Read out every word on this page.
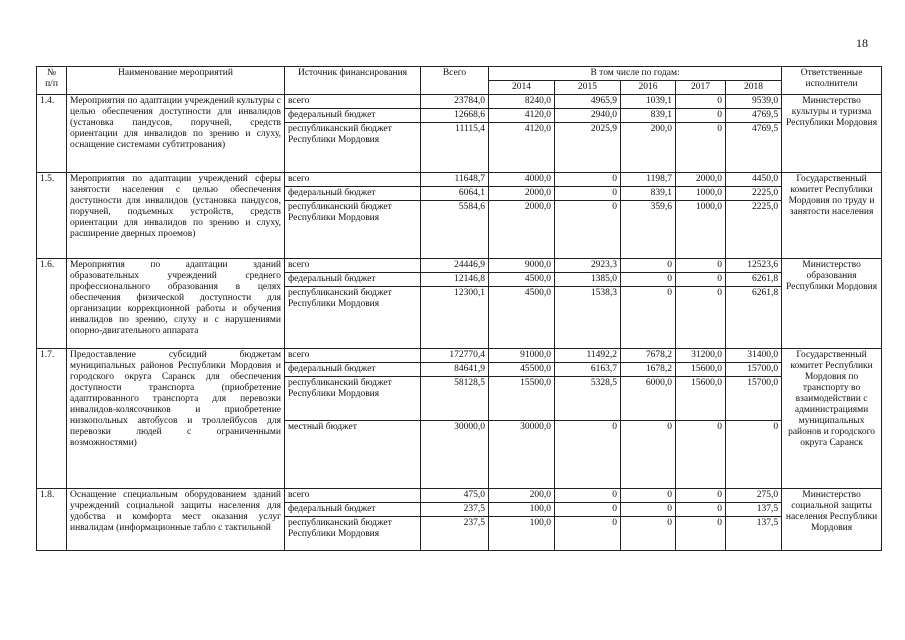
18
№
п/п	Наименование мероприятий	Источник финансирования	Всего	В том числе по годам:					Ответственные исполнители
				2014	2015	2016	2017	2018	
1.4.	Мероприятия по адаптации учреждений культуры с целью обеспечения доступности для инвалидов (установка пандусов, поручней, средств ориентации для инвалидов по зрению и слуху, оснащение системами субтитрования)	всего	23784,0	8240,0	4965,9	1039,1	0	9539,0	Министерство культуры и туризма Республики Мордовия
		федеральный бюджет	12668,6	4120,0	2940,0	839,1	0	4769,5	
		республиканский бюджет Республики Мордовия	11115,4	4120,0	2025,9	200,0	0	4769,5	
1.5.	Мероприятия по адаптации учреждений сферы занятости населения с целью обеспечения доступности для инвалидов (установка пандусов, поручней, подъемных устройств, средств ориентации для инвалидов по зрению и слуху, расширение дверных проемов)	всего	11648,7	4000,0	0	1198,7	2000,0	4450,0	Государственный комитет Республики Мордовия по труду и занятости населения
		федеральный бюджет	6064,1	2000,0	0	839,1	1000,0	2225,0	
		республиканский бюджет Республики Мордовия	5584,6	2000,0	0	359,6	1000,0	2225,0	
1.6.	Мероприятия по адаптации зданий образовательных учреждений среднего профессионального образования в целях обеспечения физической доступности для организации коррекционной работы и обучения инвалидов по зрению, слуху и с нарушениями опорно-двигательного аппарата	всего	24446,9	9000,0	2923,3	0	0	12523,6	Министерство образования Республики Мордовия
		федеральный бюджет	12146,8	4500,0	1385,0	0	0	6261,8	
		республиканский бюджет Республики Мордовия	12300,1	4500,0	1538,3	0	0	6261,8	
1.7.	Предоставление субсидий бюджетам муниципальных районов Республики Мордовия и городского округа Саранск для обеспечения доступности транспорта (приобретение адаптированного транспорта для перевозки инвалидов-колясочников и приобретение низкопольных автобусов и троллейбусов для перевозки людей с ограниченными возможностями)	всего	172770,4	91000,0	11492,2	7678,2	31200,0	31400,0	Государственный комитет Республики Мордовия по транспорту во взаимодействии с администрациями муниципальных районов и городского округа Саранск
		федеральный бюджет	84641,9	45500,0	6163,7	1678,2	15600,0	15700,0	
		республиканский бюджет Республики Мордовия	58128,5	15500,0	5328,5	6000,0	15600,0	15700,0	
		местный бюджет	30000,0	30000,0	0	0	0	0	
1.8.	Оснащение специальным оборудованием зданий учреждений социальной защиты населения для удобства и комфорта мест оказания услуг инвалидам (информационные табло с тактильной	всего	475,0	200,0	0	0	0	275,0	Министерство социальной защиты населения Республики Мордовия
		федеральный бюджет	237,5	100,0	0	0	0	137,5	
		республиканский бюджет Республики Мордовия	237,5	100,0	0	0	0	137,5	
